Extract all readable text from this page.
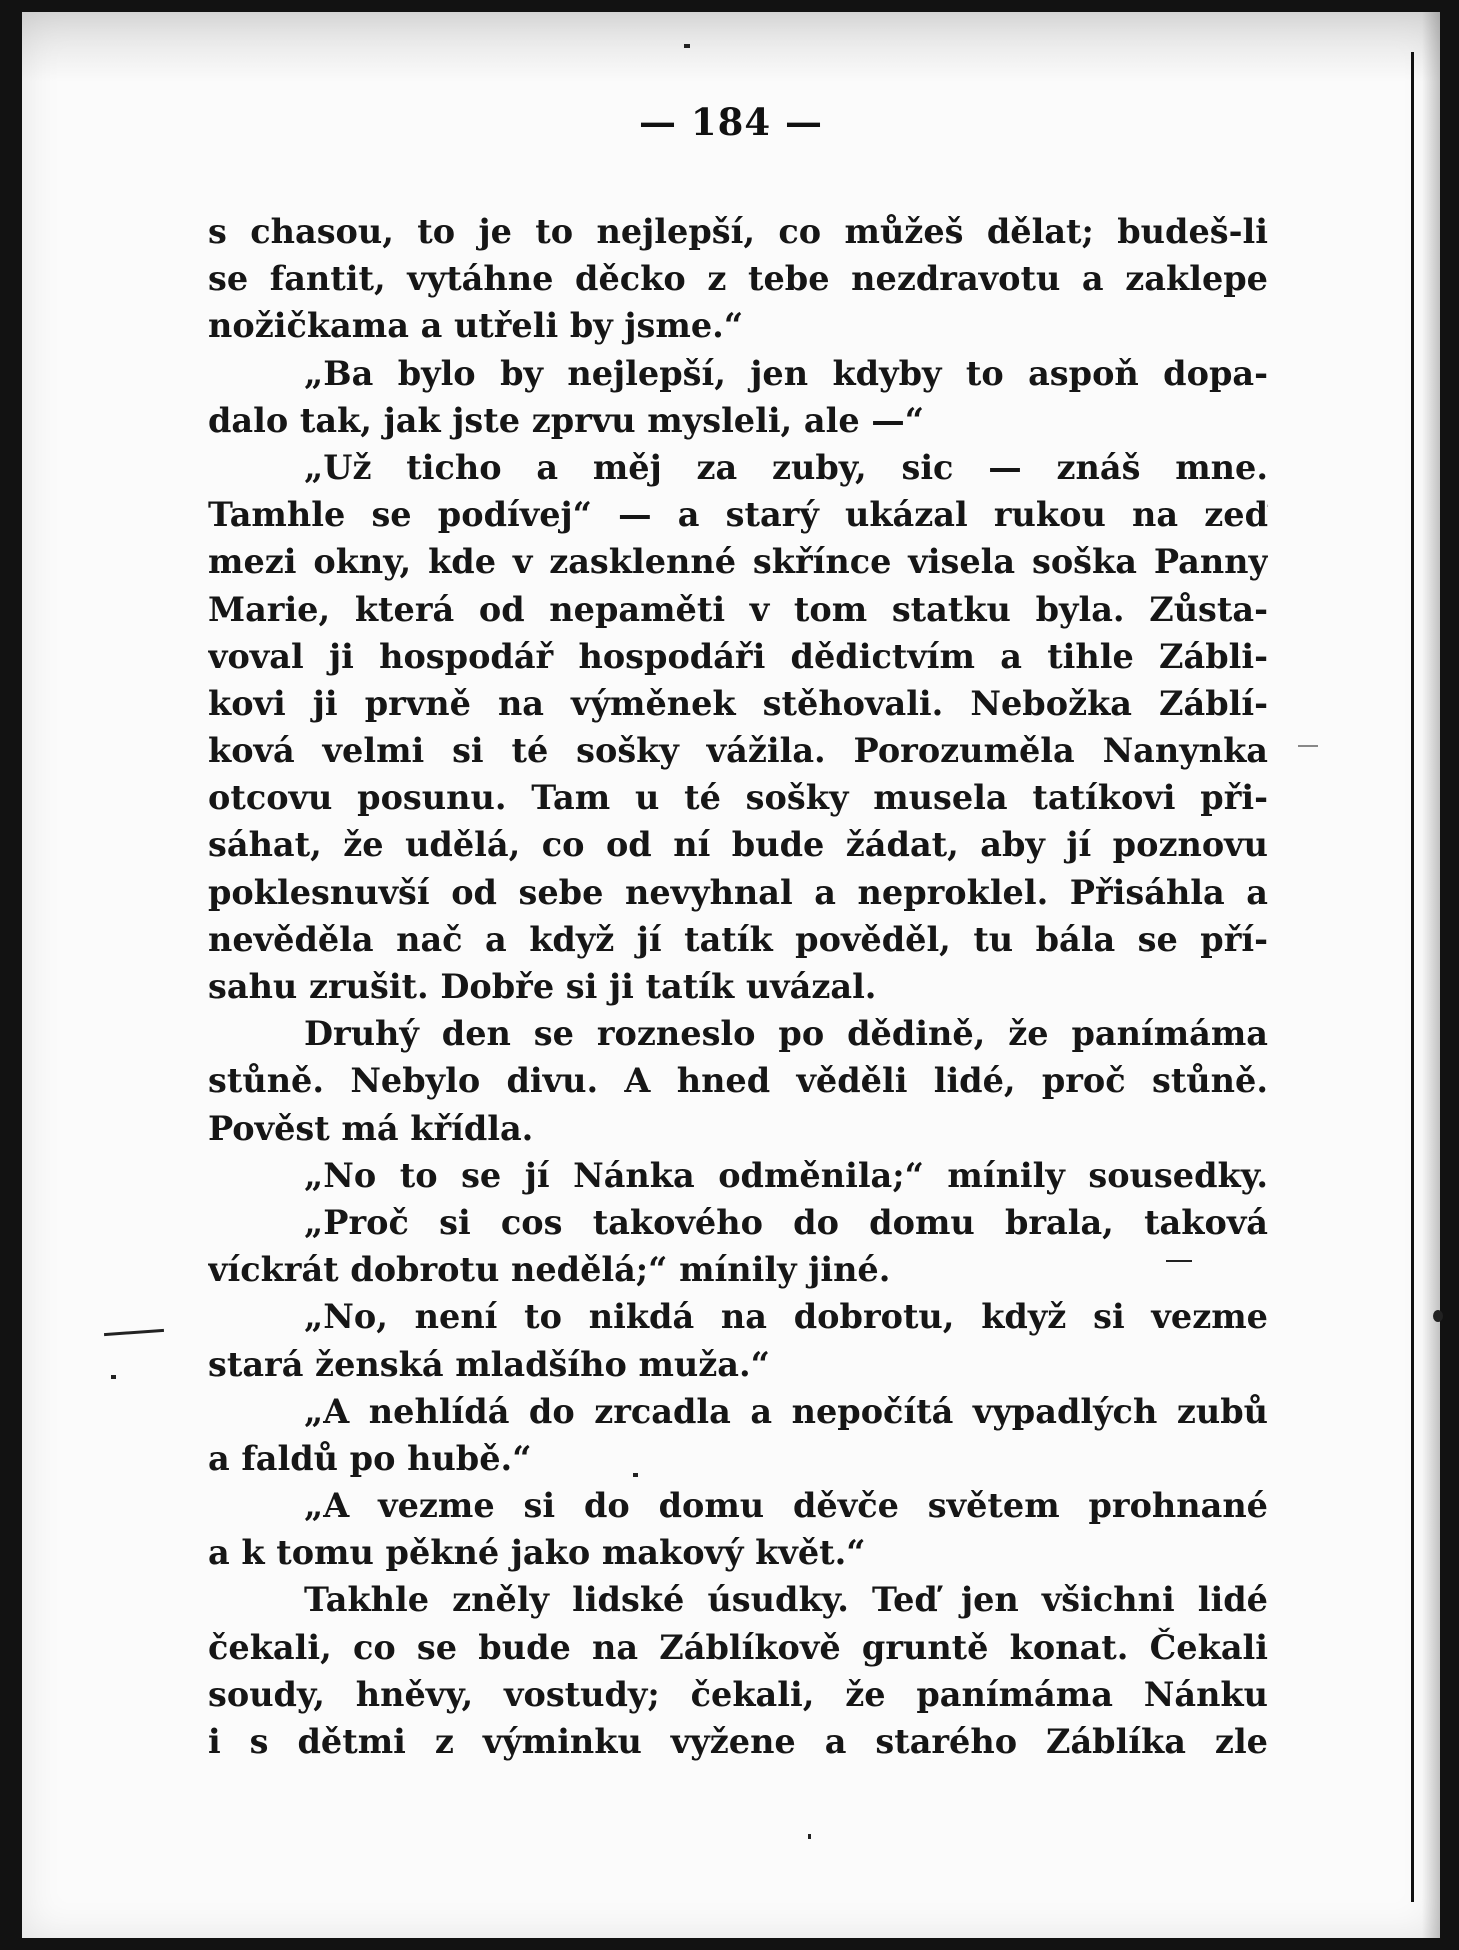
— 184 —
s chasou, to je to nejlepší, co můžeš dělat; budeš-li
se fantit, vytáhne děcko z tebe nezdravotu a zaklepe
nožičkama a utřeli by jsme.“
„Ba bylo by nejlepší, jen kdyby to aspoň dopa-
dalo tak, jak jste zprvu mysleli, ale —“
„Už ticho a měj za zuby, sic — znáš mne.
Tamhle se podívej“ — a starý ukázal rukou na zeď
mezi okny, kde v zasklenné skřínce visela soška Panny
Marie, která od nepaměti v tom statku byla. Zůsta-
voval ji hospodář hospodáři dědictvím a tihle Zábli-
kovi ji prvně na výměnek stěhovali. Nebožka Záblí-
ková velmi si té sošky vážila. Porozuměla Nanynka
otcovu posunu. Tam u té sošky musela tatíkovi při-
sáhat, že udělá, co od ní bude žádat, aby jí poznovu
poklesnuvší od sebe nevyhnal a neproklel. Přisáhla a
nevěděla nač a když jí tatík pověděl, tu bála se pří-
sahu zrušit. Dobře si ji tatík uvázal.
Druhý den se rozneslo po dědině, že panímáma
stůně. Nebylo divu. A hned věděli lidé, proč stůně.
Pověst má křídla.
„No to se jí Nánka odměnila;“ mínily sousedky.
„Proč si cos takového do domu brala, taková
víckrát dobrotu nedělá;“ mínily jiné.
„No, není to nikdá na dobrotu, když si vezme
stará ženská mladšího muža.“
„A nehlídá do zrcadla a nepočítá vypadlých zubů
a faldů po hubě.“
„A vezme si do domu děvče světem prohnané
a k tomu pěkné jako makový květ.“
Takhle zněly lidské úsudky. Teď jen všichni lidé
čekali, co se bude na Záblíkově gruntě konat. Čekali
soudy, hněvy, vostudy; čekali, že panímáma Nánku
i s dětmi z výminku vyžene a starého Záblíka zle
